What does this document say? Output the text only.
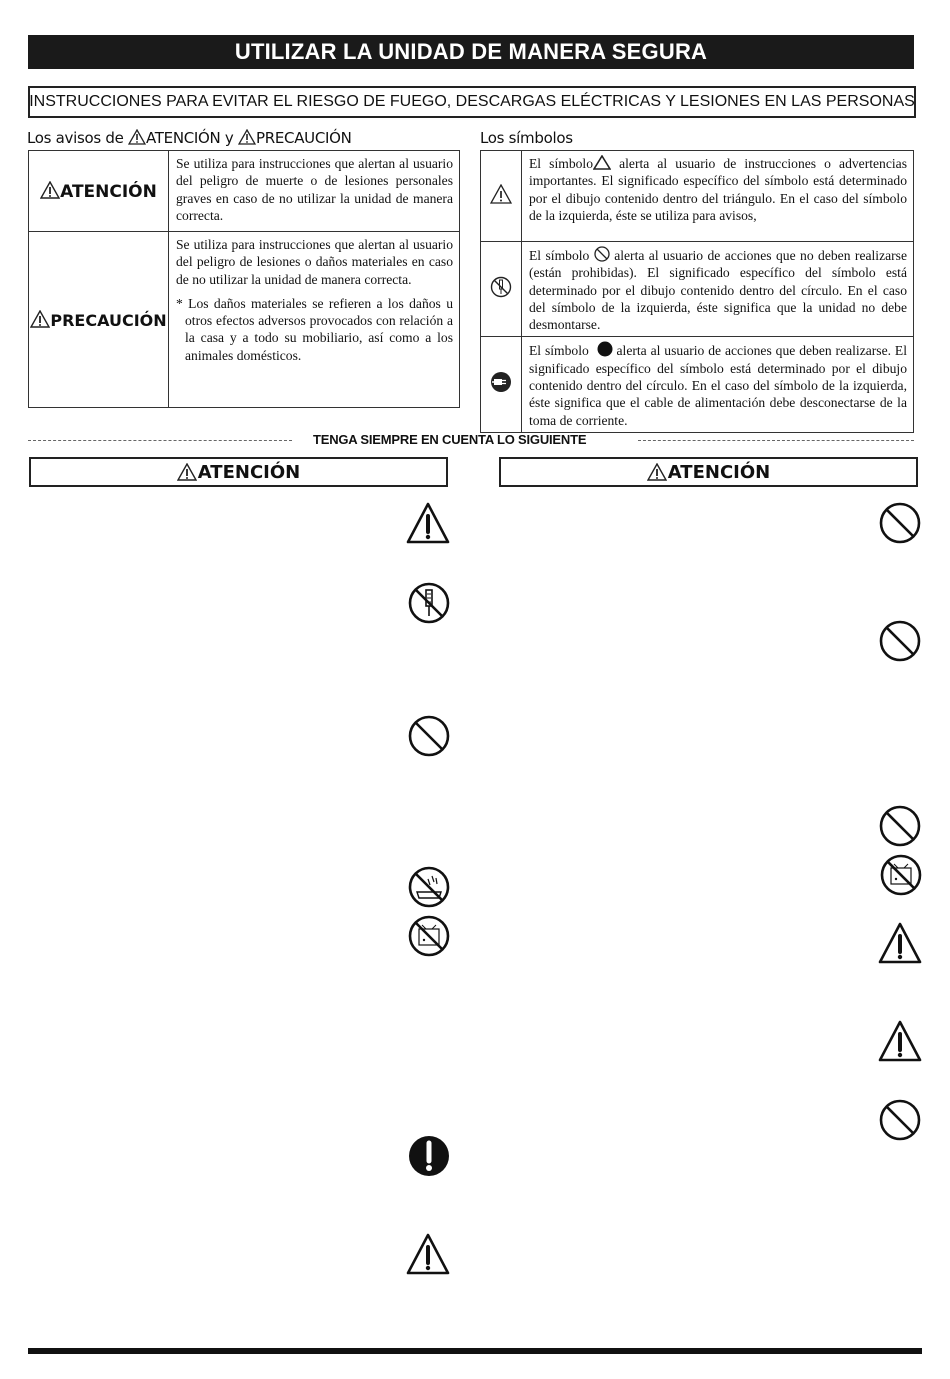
UTILIZAR LA UNIDAD DE MANERA SEGURA
INSTRUCCIONES PARA EVITAR EL RIESGO DE FUEGO, DESCARGAS ELÉCTRICAS Y LESIONES EN LAS PERSONAS
Los avisos de ATENCIÓN y PRECAUCIÓN
ATENCIÓN	Se utiliza para instrucciones que alertan al usuario del peligro de muerte o de lesiones personales graves en caso de no utilizar la unidad de manera correcta.
PRECAUCIÓN	Se utiliza para instrucciones que alertan al usuario del peligro de lesiones o daños materiales en caso de no utilizar la unidad de manera correcta.
* Los daños materiales se refieren a los daños u otros efectos adversos provocados con relación a la casa y a todo su mobiliario, así como a los animales domésticos.
Los símbolos
	El símbolo alerta al usuario de instrucciones o advertencias importantes. El significado específico del símbolo está determinado por el dibujo contenido dentro del triángulo. En el caso del símbolo de la izquierda, éste se utiliza para avisos,
	El símbolo  alerta al usuario de acciones que no deben realizarse (están prohibidas). El significado específico del símbolo está determinado por el dibujo contenido dentro del círculo. En el caso del símbolo de la izquierda, éste significa que la unidad no debe desmontarse.
	El símbolo   alerta al usuario de acciones que deben realizarse. El significado específico del símbolo está determinado por el dibujo contenido dentro del círculo. En el caso del símbolo de la izquierda, éste significa que el cable de alimentación debe desconectarse de la toma de corriente.
TENGA SIEMPRE EN CUENTA LO SIGUIENTE
ATENCIÓN	ATENCIÓN
